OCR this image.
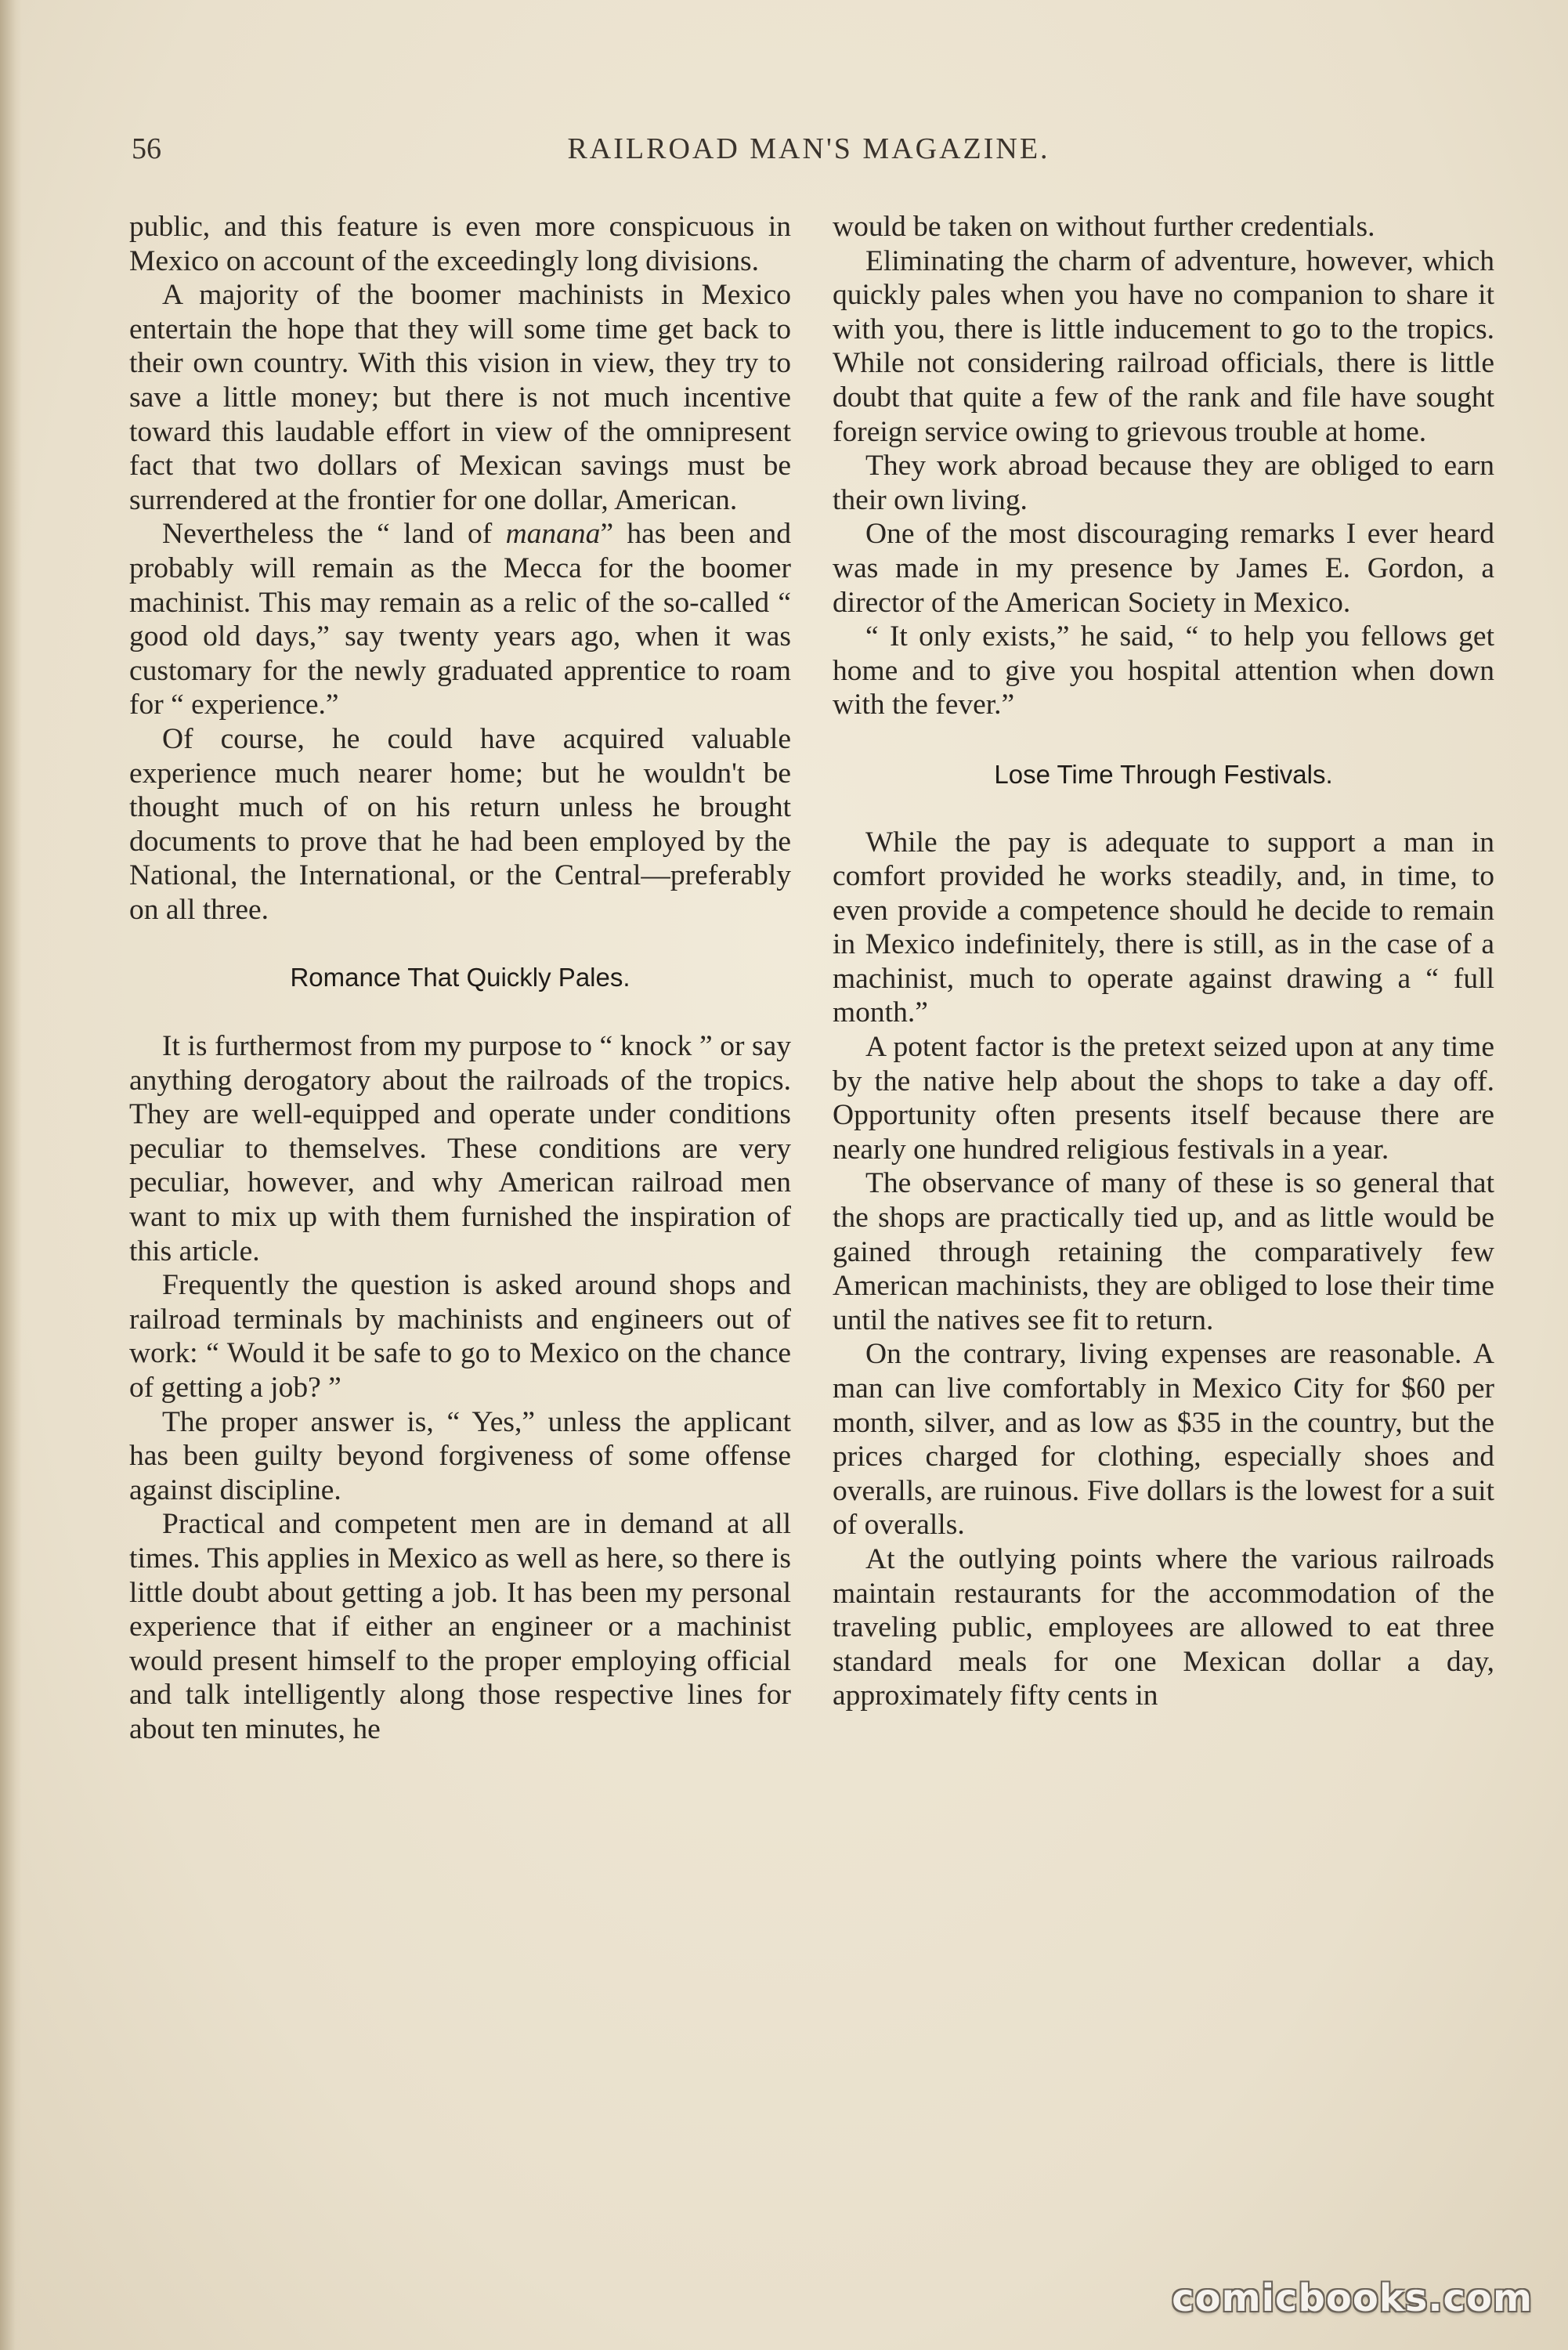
56	RAILROAD MAN'S MAGAZINE.

public, and this feature is even more conspicuous in Mexico on account of the exceedingly long divisions.

A majority of the boomer machinists in Mexico entertain the hope that they will some time get back to their own country. With this vision in view, they try to save a little money; but there is not much incentive toward this laudable effort in view of the omnipresent fact that two dollars of Mexican savings must be surrendered at the frontier for one dollar, American.

Nevertheless the “ land of manana” has been and probably will remain as the Mecca for the boomer machinist. This may remain as a relic of the so-called “ good old days,” say twenty years ago, when it was customary for the newly graduated apprentice to roam for “ experience.”

Of course, he could have acquired valuable experience much nearer home; but he wouldn't be thought much of on his return unless he brought documents to prove that he had been employed by the National, the International, or the Central—preferably on all three.

Romance That Quickly Pales.

It is furthermost from my purpose to “ knock ” or say anything derogatory about the railroads of the tropics. They are well-equipped and operate under conditions peculiar to themselves. These conditions are very peculiar, however, and why American railroad men want to mix up with them furnished the inspiration of this article.

Frequently the question is asked around shops and railroad terminals by machinists and engineers out of work: “ Would it be safe to go to Mexico on the chance of getting a job? ”

The proper answer is, “ Yes,” unless the applicant has been guilty beyond forgiveness of some offense against discipline.

Practical and competent men are in demand at all times. This applies in Mexico as well as here, so there is little doubt about getting a job. It has been my personal experience that if either an engineer or a machinist would present himself to the proper employing official and talk intelligently along those respective lines for about ten minutes, he

would be taken on without further credentials.

Eliminating the charm of adventure, however, which quickly pales when you have no companion to share it with you, there is little inducement to go to the tropics. While not considering railroad officials, there is little doubt that quite a few of the rank and file have sought foreign service owing to grievous trouble at home.

They work abroad because they are obliged to earn their own living.

One of the most discouraging remarks I ever heard was made in my presence by James E. Gordon, a director of the American Society in Mexico.

“ It only exists,” he said, “ to help you fellows get home and to give you hospital attention when down with the fever.”

Lose Time Through Festivals.

While the pay is adequate to support a man in comfort provided he works steadily, and, in time, to even provide a competence should he decide to remain in Mexico indefinitely, there is still, as in the case of a machinist, much to operate against drawing a “ full month.”

A potent factor is the pretext seized upon at any time by the native help about the shops to take a day off. Opportunity often presents itself because there are nearly one hundred religious festivals in a year.

The observance of many of these is so general that the shops are practically tied up, and as little would be gained through retaining the comparatively few American machinists, they are obliged to lose their time until the natives see fit to return.

On the contrary, living expenses are reasonable. A man can live comfortably in Mexico City for $60 per month, silver, and as low as $35 in the country, but the prices charged for clothing, especially shoes and overalls, are ruinous. Five dollars is the lowest for a suit of overalls.

At the outlying points where the various railroads maintain restaurants for the accommodation of the traveling public, employees are allowed to eat three standard meals for one Mexican dollar a day, approximately fifty cents in

comicbooks.com
